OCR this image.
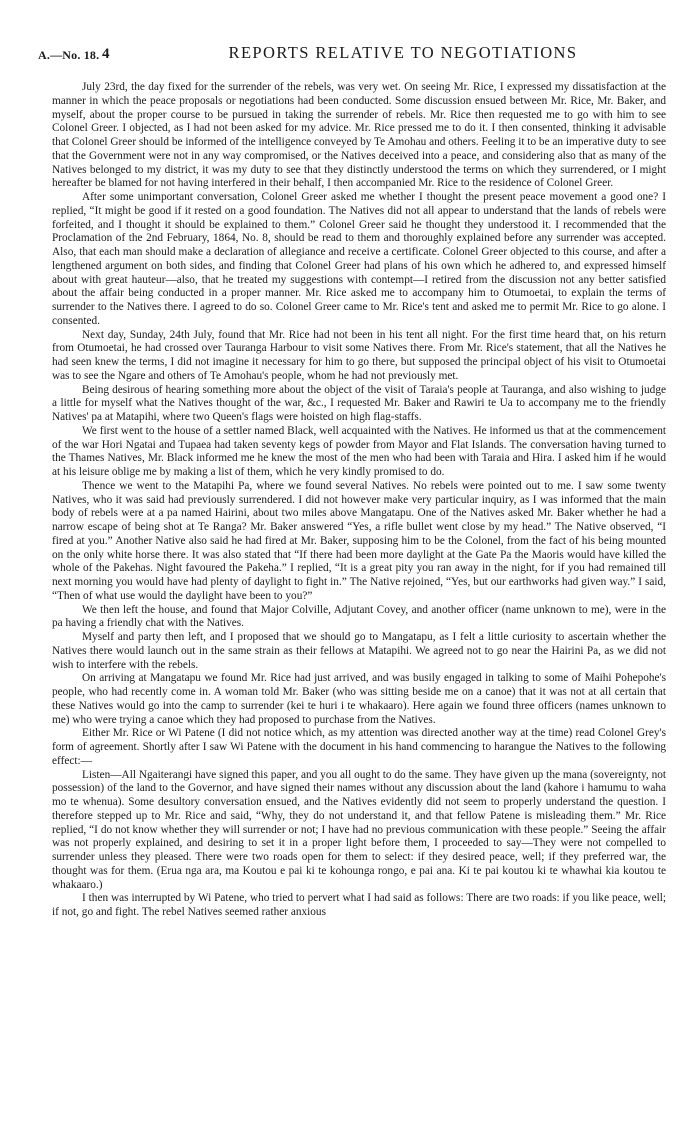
A.—No. 18. 4	REPORTS RELATIVE TO NEGOTIATIONS

July 23rd, the day fixed for the surrender of the rebels, was very wet. On seeing Mr. Rice, I expressed my dissatisfaction at the manner in which the peace proposals or negotiations had been conducted. Some discussion ensued between Mr. Rice, Mr. Baker, and myself, about the proper course to be pursued in taking the surrender of rebels. Mr. Rice then requested me to go with him to see Colonel Greer. I objected, as I had not been asked for my advice. Mr. Rice pressed me to do it. I then consented, thinking it advisable that Colonel Greer should be informed of the intelligence conveyed by Te Amohau and others. Feeling it to be an imperative duty to see that the Government were not in any way compromised, or the Natives deceived into a peace, and considering also that as many of the Natives belonged to my district, it was my duty to see that they distinctly understood the terms on which they surrendered, or I might hereafter be blamed for not having interfered in their behalf, I then accompanied Mr. Rice to the residence of Colonel Greer.

After some unimportant conversation, Colonel Greer asked me whether I thought the present peace movement a good one? I replied, “It might be good if it rested on a good foundation. The Natives did not all appear to understand that the lands of rebels were forfeited, and I thought it should be explained to them.” Colonel Greer said he thought they understood it. I recommended that the Proclamation of the 2nd February, 1864, No. 8, should be read to them and thoroughly explained before any surrender was accepted. Also, that each man should make a declaration of allegiance and receive a certificate. Colonel Greer objected to this course, and after a lengthened argument on both sides, and finding that Colonel Greer had plans of his own which he adhered to, and expressed himself about with great hauteur—also, that he treated my suggestions with contempt—I retired from the discussion not any better satisfied about the affair being conducted in a proper manner. Mr. Rice asked me to accompany him to Otumoetai, to explain the terms of surrender to the Natives there. I agreed to do so. Colonel Greer came to Mr. Rice's tent and asked me to permit Mr. Rice to go alone. I consented.

Next day, Sunday, 24th July, found that Mr. Rice had not been in his tent all night. For the first time heard that, on his return from Otumoetai, he had crossed over Tauranga Harbour to visit some Natives there. From Mr. Rice's statement, that all the Natives he had seen knew the terms, I did not imagine it necessary for him to go there, but supposed the principal object of his visit to Otumoetai was to see the Ngare and others of Te Amohau's people, whom he had not previously met.

Being desirous of hearing something more about the object of the visit of Taraia's people at Tauranga, and also wishing to judge a little for myself what the Natives thought of the war, &c., I requested Mr. Baker and Rawiri te Ua to accompany me to the friendly Natives' pa at Matapihi, where two Queen's flags were hoisted on high flag-staffs.

We first went to the house of a settler named Black, well acquainted with the Natives. He informed us that at the commencement of the war Hori Ngatai and Tupaea had taken seventy kegs of powder from Mayor and Flat Islands. The conversation having turned to the Thames Natives, Mr. Black informed me he knew the most of the men who had been with Taraia and Hira. I asked him if he would at his leisure oblige me by making a list of them, which he very kindly promised to do.

Thence we went to the Matapihi Pa, where we found several Natives. No rebels were pointed out to me. I saw some twenty Natives, who it was said had previously surrendered. I did not however make very particular inquiry, as I was informed that the main body of rebels were at a pa named Hairini, about two miles above Mangatapu. One of the Natives asked Mr. Baker whether he had a narrow escape of being shot at Te Ranga? Mr. Baker answered “Yes, a rifle bullet went close by my head.” The Native observed, “I fired at you.” Another Native also said he had fired at Mr. Baker, supposing him to be the Colonel, from the fact of his being mounted on the only white horse there. It was also stated that “If there had been more daylight at the Gate Pa the Maoris would have killed the whole of the Pakehas. Night favoured the Pakeha.” I replied, “It is a great pity you ran away in the night, for if you had remained till next morning you would have had plenty of daylight to fight in.” The Native rejoined, “Yes, but our earthworks had given way.” I said, “Then of what use would the daylight have been to you?”

We then left the house, and found that Major Colville, Adjutant Covey, and another officer (name unknown to me), were in the pa having a friendly chat with the Natives.

Myself and party then left, and I proposed that we should go to Mangatapu, as I felt a little curiosity to ascertain whether the Natives there would launch out in the same strain as their fellows at Matapihi. We agreed not to go near the Hairini Pa, as we did not wish to interfere with the rebels.

On arriving at Mangatapu we found Mr. Rice had just arrived, and was busily engaged in talking to some of Maihi Pohepohe's people, who had recently come in. A woman told Mr. Baker (who was sitting beside me on a canoe) that it was not at all certain that these Natives would go into the camp to surrender (kei te huri i te whakaaro). Here again we found three officers (names unknown to me) who were trying a canoe which they had proposed to purchase from the Natives.

Either Mr. Rice or Wi Patene (I did not notice which, as my attention was directed another way at the time) read Colonel Grey's form of agreement. Shortly after I saw Wi Patene with the document in his hand commencing to harangue the Natives to the following effect:—

Listen—All Ngaiterangi have signed this paper, and you all ought to do the same. They have given up the mana (sovereignty, not possession) of the land to the Governor, and have signed their names without any discussion about the land (kahore i hamumu to waha mo te whenua). Some desultory conversation ensued, and the Natives evidently did not seem to properly understand the question. I therefore stepped up to Mr. Rice and said, “Why, they do not understand it, and that fellow Patene is misleading them.” Mr. Rice replied, “I do not know whether they will surrender or not; I have had no previous communication with these people.” Seeing the affair was not properly explained, and desiring to set it in a proper light before them, I proceeded to say—They were not compelled to surrender unless they pleased. There were two roads open for them to select: if they desired peace, well; if they preferred war, the thought was for them. (Erua nga ara, ma Koutou e pai ki te kohounga rongo, e pai ana. Ki te pai koutou ki te whawhai kia koutou te whakaaro.)

I then was interrupted by Wi Patene, who tried to pervert what I had said as follows: There are two roads: if you like peace, well; if not, go and fight. The rebel Natives seemed rather anxious
